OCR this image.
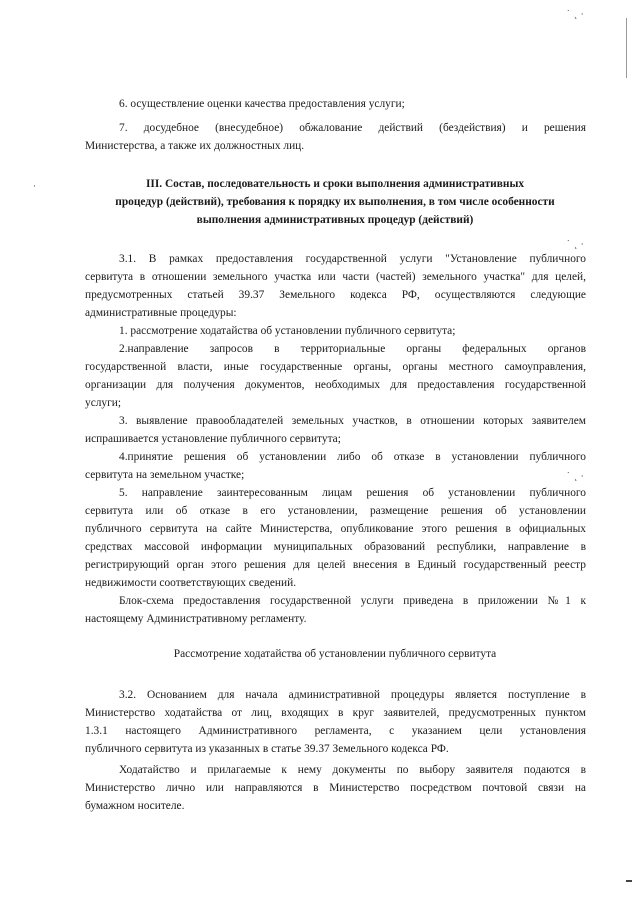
˙ ˛ ·
·
˙ ˛ ·
˙ ˛ ·
6. осуществление оценки качества предоставления услуги;
7. досудебное (внесудебное) обжалование действий (бездействия) и решения
Министерства, а также их должностных лиц.
III. Состав, последовательность и сроки выполнения административных
процедур (действий), требования к порядку их выполнения, в том числе особенности
выполнения административных процедур (действий)
3.1. В рамках предоставления государственной услуги "Установление публичного
сервитута в отношении земельного участка или части (частей) земельного участка" для целей,
предусмотренных статьей 39.37 Земельного кодекса РФ, осуществляются следующие
административные процедуры:
1. рассмотрение ходатайства об установлении публичного сервитута;
2.направление запросов в территориальные органы федеральных органов
государственной власти, иные государственные органы, органы местного самоуправления,
организации для получения документов, необходимых для предоставления государственной
услуги;
3. выявление правообладателей земельных участков, в отношении которых заявителем
испрашивается установление публичного сервитута;
4.принятие решения об установлении либо об отказе в установлении публичного
сервитута на земельном участке;
5. направление заинтересованным лицам решения об установлении публичного
сервитута или об отказе в его установлении, размещение решения об установлении
публичного сервитута на сайте Министерства, опубликование этого решения в официальных
средствах массовой информации муниципальных образований республики, направление в
регистрирующий орган этого решения для целей внесения в Единый государственный реестр
недвижимости соответствующих сведений.
Блок-схема предоставления государственной услуги приведена в приложении №1 к
настоящему Административному регламенту.
Рассмотрение ходатайства об установлении публичного сервитута
3.2. Основанием для начала административной процедуры является поступление в
Министерство ходатайства от лиц, входящих в круг заявителей, предусмотренных пунктом
1.3.1 настоящего Административного регламента, с указанием цели установления
публичного сервитута из указанных в статье 39.37 Земельного кодекса РФ.
Ходатайство и прилагаемые к нему документы по выбору заявителя подаются в
Министерство лично или направляются в Министерство посредством почтовой связи на
бумажном носителе.
